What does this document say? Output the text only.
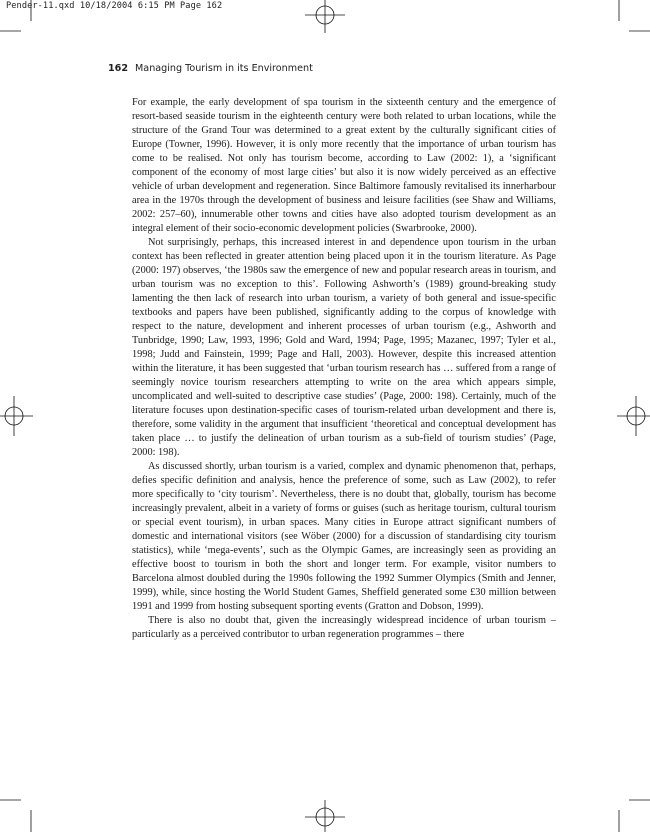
Pender-11.qxd 10/18/2004 6:15 PM Page 162
162 Managing Tourism in its Environment

For example, the early development of spa tourism in the sixteenth century and the emergence of resort-based seaside tourism in the eighteenth century were both related to urban locations, while the structure of the Grand Tour was determined to a great extent by the culturally significant cities of Europe (Towner, 1996). However, it is only more recently that the importance of urban tourism has come to be realised. Not only has tourism become, according to Law (2002: 1), a ‘significant component of the economy of most large cities’ but also it is now widely perceived as an effective vehicle of urban development and regeneration. Since Baltimore famously revitalised its innerharbour area in the 1970s through the development of business and leisure facilities (see Shaw and Williams, 2002: 257–60), innumerable other towns and cities have also adopted tourism development as an integral element of their socio-economic development policies (Swarbrooke, 2000).

Not surprisingly, perhaps, this increased interest in and dependence upon tourism in the urban context has been reflected in greater attention being placed upon it in the tourism literature. As Page (2000: 197) observes, ‘the 1980s saw the emergence of new and popular research areas in tourism, and urban tourism was no exception to this’. Following Ashworth’s (1989) ground-breaking study lamenting the then lack of research into urban tourism, a variety of both general and issue-specific textbooks and papers have been published, significantly adding to the corpus of knowledge with respect to the nature, development and inherent processes of urban tourism (e.g., Ashworth and Tunbridge, 1990; Law, 1993, 1996; Gold and Ward, 1994; Page, 1995; Mazanec, 1997; Tyler et al., 1998; Judd and Fainstein, 1999; Page and Hall, 2003). However, despite this increased attention within the literature, it has been suggested that ‘urban tourism research has … suffered from a range of seemingly novice tourism researchers attempting to write on the area which appears simple, uncomplicated and well-suited to descriptive case studies’ (Page, 2000: 198). Certainly, much of the literature focuses upon destination-specific cases of tourism-related urban development and there is, therefore, some validity in the argument that insufficient ‘theoretical and conceptual development has taken place … to justify the delineation of urban tourism as a sub-field of tourism studies’ (Page, 2000: 198).

As discussed shortly, urban tourism is a varied, complex and dynamic phenomenon that, perhaps, defies specific definition and analysis, hence the preference of some, such as Law (2002), to refer more specifically to ‘city tourism’. Nevertheless, there is no doubt that, globally, tourism has become increasingly prevalent, albeit in a variety of forms or guises (such as heritage tourism, cultural tourism or special event tourism), in urban spaces. Many cities in Europe attract significant numbers of domestic and international visitors (see Wöber (2000) for a discussion of standardising city tourism statistics), while ‘mega-events’, such as the Olympic Games, are increasingly seen as providing an effective boost to tourism in both the short and longer term. For example, visitor numbers to Barcelona almost doubled during the 1990s following the 1992 Summer Olympics (Smith and Jenner, 1999), while, since hosting the World Student Games, Sheffield generated some £30 million between 1991 and 1999 from hosting subsequent sporting events (Gratton and Dobson, 1999).

There is also no doubt that, given the increasingly widespread incidence of urban tourism – particularly as a perceived contributor to urban regeneration programmes – there
